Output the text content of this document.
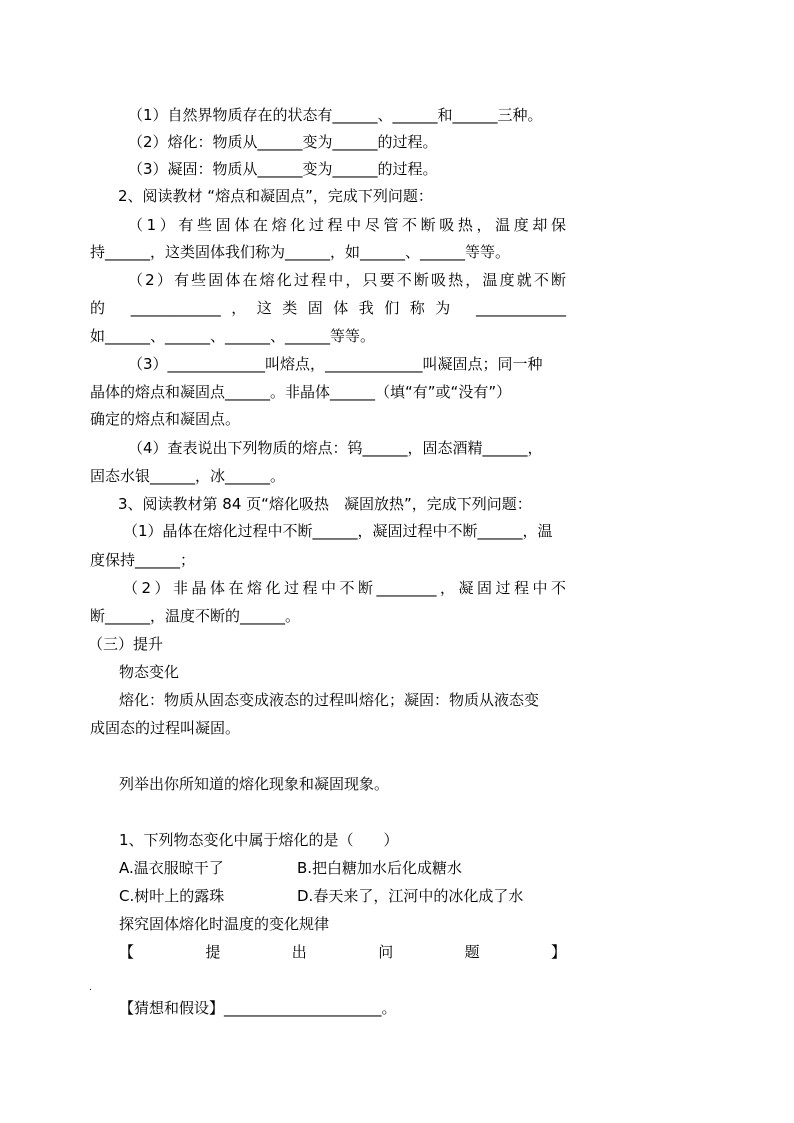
（1）自然界物质存在的状态有______、______和______三种。
（2）熔化：物质从______变为______的过程。
（3）凝固：物质从______变为______的过程。
2、阅读教材 “熔点和凝固点”，完成下列问题：
（1）有些固体在熔化过程中尽管不断吸热，温度却保
持______，这类固体我们称为______，如______、______等等。
（2）有些固体在熔化过程中，只要不断吸热，温度就不断
的 ____________，这类固体我们称为 ____________
如______、______、______、______等等。
（3）_____________叫熔点，_____________叫凝固点；同一种
晶体的熔点和凝固点______。非晶体______（填“有”或“没有”）
确定的熔点和凝固点。
（4）查表说出下列物质的熔点：钨______，固态酒精______，
固态水银______，冰______。
3、阅读教材第 84 页“熔化吸热　凝固放热”，完成下列问题：
（1）晶体在熔化过程中不断______，凝固过程中不断______，温
度保持______；
（2）非晶体在熔化过程中不断________，凝固过程中不
断______，温度不断的______。
（三）提升
物态变化
熔化：物质从固态变成液态的过程叫熔化；凝固：物质从液态变
成固态的过程叫凝固。
列举出你所知道的熔化现象和凝固现象。
1、下列物态变化中属于熔化的是（　　）
A.温衣服晾干了	B.把白糖加水后化成糖水
C.树叶上的露珠	D.春天来了，江河中的冰化成了水
探究固体熔化时温度的变化规律
【　　　　提　　　　出　　　　问　　　　题　　　　】
.
【猜想和假设】_____________________。
